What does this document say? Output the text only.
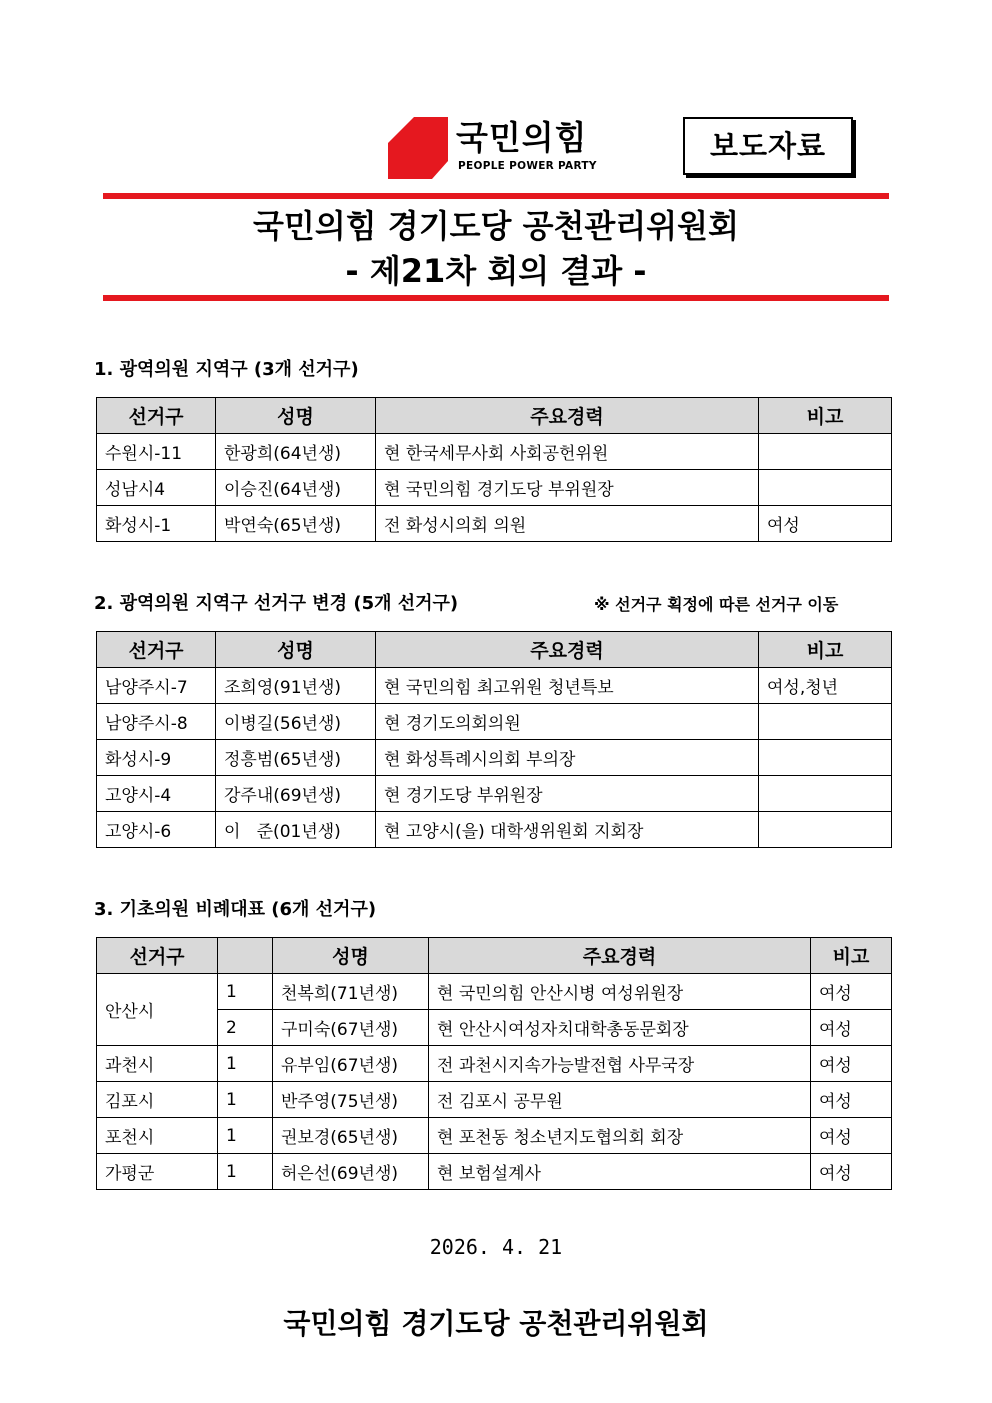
국민의힘
PEOPLE POWER PARTY
보도자료
국민의힘 경기도당 공천관리위원회
- 제21차 회의 결과 -
1. 광역의원 지역구 (3개 선거구)
선거구	성명	주요경력	비고
수원시-11	한광희(64년생)	현 한국세무사회 사회공헌위원	
성남시4	이승진(64년생)	현 국민의힘 경기도당 부위원장	
화성시-1	박연숙(65년생)	전 화성시의회 의원	여성
2. 광역의원 지역구 선거구 변경 (5개 선거구)	※ 선거구 획정에 따른 선거구 이동
선거구	성명	주요경력	비고
남양주시-7	조희영(91년생)	현 국민의힘 최고위원 청년특보	여성,청년
남양주시-8	이병길(56년생)	현 경기도의회의원	
화성시-9	정흥범(65년생)	현 화성특례시의회 부의장	
고양시-4	강주내(69년생)	현 경기도당 부위원장	
고양시-6	이   준(01년생)	현 고양시(을) 대학생위원회 지회장	
3. 기초의원 비례대표 (6개 선거구)
선거구		성명	주요경력	비고
안산시	1	천복희(71년생)	현 국민의힘 안산시병 여성위원장	여성
	2	구미숙(67년생)	현 안산시여성자치대학총동문회장	여성
과천시	1	유부임(67년생)	전 과천시지속가능발전협 사무국장	여성
김포시	1	반주영(75년생)	전 김포시 공무원	여성
포천시	1	권보경(65년생)	현 포천동 청소년지도협의회 회장	여성
가평군	1	허은선(69년생)	현 보험설계사	여성
2026. 4. 21
국민의힘 경기도당 공천관리위원회
